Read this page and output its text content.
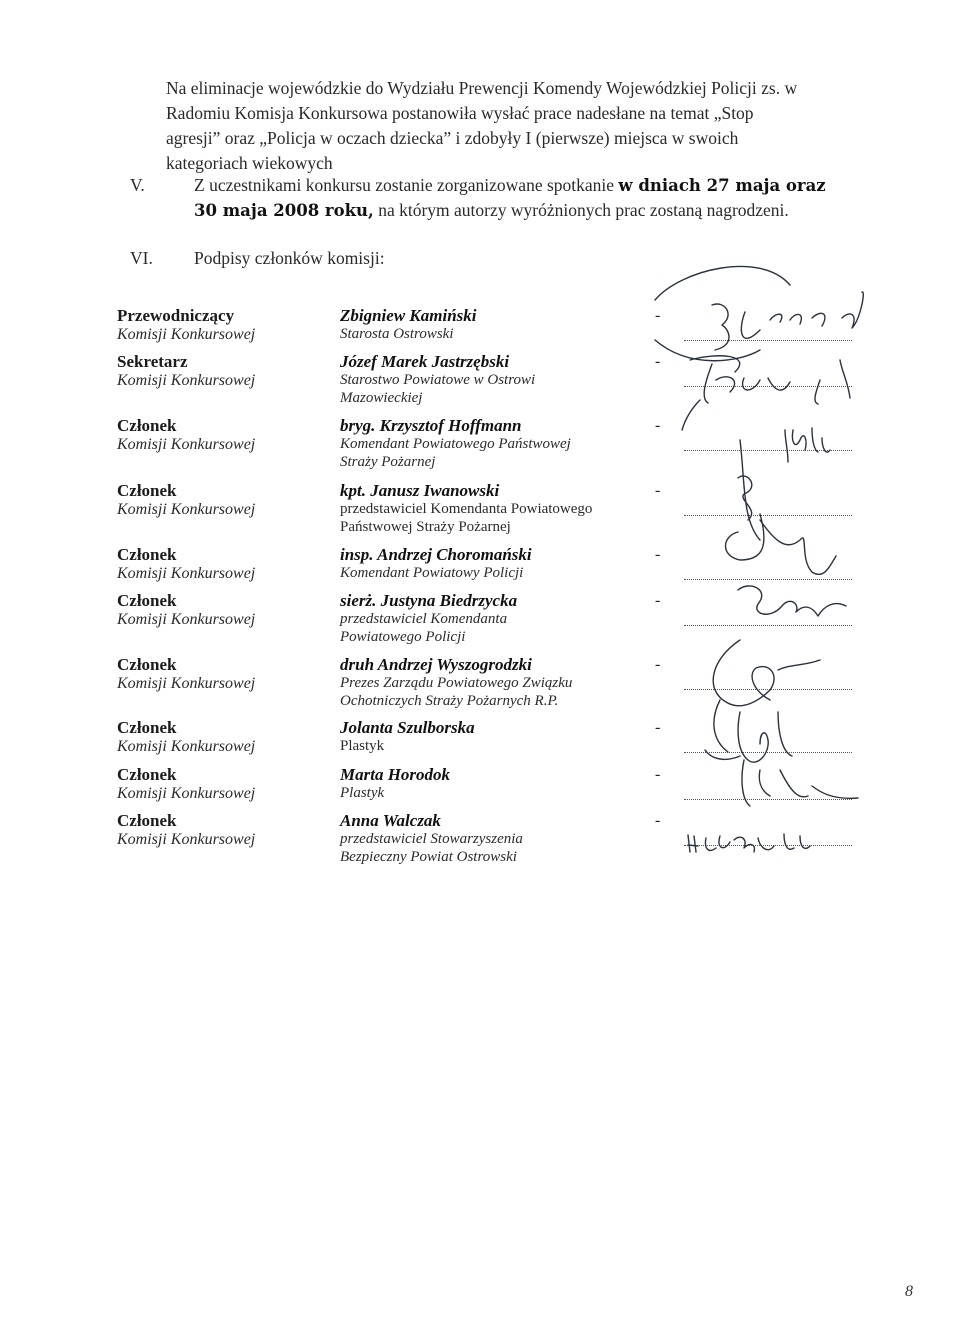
Na eliminacje wojewódzkie do Wydziału Prewencji Komendy Wojewódzkiej Policji zs. w Radomiu Komisja Konkursowa postanowiła wysłać prace nadesłane na temat „Stop agresji” oraz „Policja w oczach dziecka” i zdobyły I (pierwsze) miejsca w swoich kategoriach wiekowych
V.	Z uczestnikami konkursu zostanie zorganizowane spotkanie w dniach 27 maja oraz 30 maja 2008 roku, na którym autorzy wyróżnionych prac zostaną nagrodzeni.
VI.	Podpisy członków komisji:
Przewodniczący
Komisji Konkursowej
Zbigniew Kamiński
Starosta Ostrowski
-
Sekretarz
Komisji Konkursowej
Józef Marek Jastrzębski
Starostwo Powiatowe w Ostrowi
Mazowieckiej
-
Członek
Komisji Konkursowej
bryg. Krzysztof Hoffmann
Komendant Powiatowego Państwowej
Straży Pożarnej
-
Członek
Komisji Konkursowej
kpt. Janusz Iwanowski
przedstawiciel Komendanta Powiatowego
Państwowej Straży Pożarnej
-
Członek
Komisji Konkursowej
insp. Andrzej Choromański
Komendant Powiatowy Policji
-
Członek
Komisji Konkursowej
sierż. Justyna Biedrzycka
przedstawiciel Komendanta
Powiatowego Policji
-
Członek
Komisji Konkursowej
druh Andrzej Wyszogrodzki
Prezes Zarządu Powiatowego Związku
Ochotniczych Straży Pożarnych R.P.
-
Członek
Komisji Konkursowej
Jolanta Szulborska
Plastyk
-
Członek
Komisji Konkursowej
Marta Horodok
Plastyk
-
Członek
Komisji Konkursowej
Anna Walczak
przedstawiciel Stowarzyszenia
Bezpieczny Powiat Ostrowski
-
8
